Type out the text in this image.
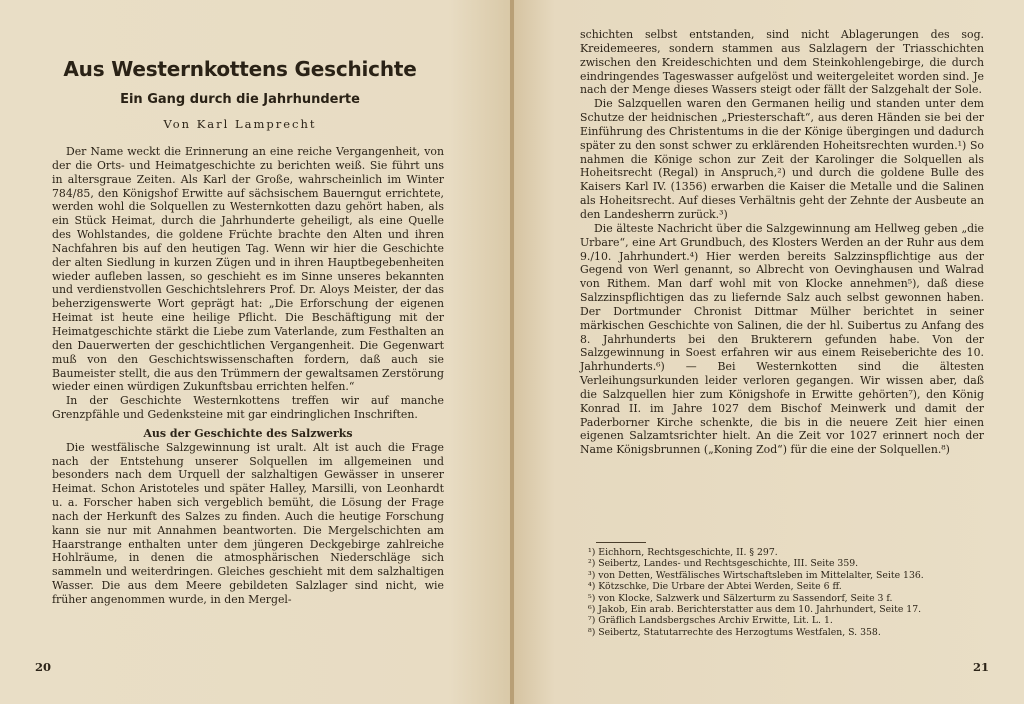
Aus Westernkottens Geschichte
Ein Gang durch die Jahrhunderte
Von Karl Lamprecht

Der Name weckt die Erinnerung an eine reiche Vergangenheit, von der die Orts- und Heimatgeschichte zu berichten weiß. Sie führt uns in altersgraue Zeiten. Als Karl der Große, wahrscheinlich im Winter 784/85, den Königshof Erwitte auf sächsischem Bauerngut errichtete, werden wohl die Solquellen zu Westernkotten dazu gehört haben, als ein Stück Heimat, durch die Jahrhunderte geheiligt, als eine Quelle des Wohlstandes, die goldene Früchte brachte den Alten und ihren Nachfahren bis auf den heutigen Tag. Wenn wir hier die Geschichte der alten Siedlung in kurzen Zügen und in ihren Hauptbegebenheiten wieder aufleben lassen, so geschieht es im Sinne unseres bekannten und verdienstvollen Geschichtslehrers Prof. Dr. Aloys Meister, der das beherzigenswerte Wort geprägt hat: „Die Erforschung der eigenen Heimat ist heute eine heilige Pflicht. Die Beschäftigung mit der Heimatgeschichte stärkt die Liebe zum Vaterlande, zum Festhalten an den Dauerwerten der geschichtlichen Vergangenheit. Die Gegenwart muß von den Geschichtswissenschaften fordern, daß auch sie Baumeister stellt, die aus den Trümmern der gewaltsamen Zerstörung wieder einen würdigen Zukunftsbau errichten helfen.“

In der Geschichte Westernkottens treffen wir auf manche Grenzpfähle und Gedenksteine mit gar eindringlichen Inschriften.

Aus der Geschichte des Salzwerks

Die westfälische Salzgewinnung ist uralt. Alt ist auch die Frage nach der Entstehung unserer Solquellen im allgemeinen und besonders nach dem Urquell der salzhaltigen Gewässer in unserer Heimat. Schon Aristoteles und später Halley, Marsilli, von Leonhardt u. a. Forscher haben sich vergeblich bemüht, die Lösung der Frage nach der Herkunft des Salzes zu finden. Auch die heutige Forschung kann sie nur mit Annahmen beantworten. Die Mergelschichten am Haarstrange enthalten unter dem jüngeren Deckgebirge zahlreiche Hohlräume, in denen die atmosphärischen Niederschläge sich sammeln und weiterdringen. Gleiches geschieht mit dem salzhaltigen Wasser. Die aus dem Meere gebildeten Salzlager sind nicht, wie früher angenommen wurde, in den Mergel-

20

schichten selbst entstanden, sind nicht Ablagerungen des sog. Kreidemeeres, sondern stammen aus Salzlagern der Triasschichten zwischen den Kreideschichten und dem Steinkohlengebirge, die durch eindringendes Tageswasser aufgelöst und weitergeleitet worden sind. Je nach der Menge dieses Wassers steigt oder fällt der Salzgehalt der Sole.

Die Salzquellen waren den Germanen heilig und standen unter dem Schutze der heidnischen „Priesterschaft“, aus deren Händen sie bei der Einführung des Christentums in die der Könige übergingen und dadurch später zu den sonst schwer zu erklärenden Hoheitsrechten wurden.¹) So nahmen die Könige schon zur Zeit der Karolinger die Solquellen als Hoheitsrecht (Regal) in Anspruch,²) und durch die goldene Bulle des Kaisers Karl IV. (1356) erwarben die Kaiser die Metalle und die Salinen als Hoheitsrecht. Auf dieses Verhältnis geht der Zehnte der Ausbeute an den Landesherrn zurück.³)

Die älteste Nachricht über die Salzgewinnung am Hellweg geben „die Urbare“, eine Art Grundbuch, des Klosters Werden an der Ruhr aus dem 9./10. Jahrhundert.⁴) Hier werden bereits Salzzinspflichtige aus der Gegend von Werl genannt, so Albrecht von Oevinghausen und Walrad von Rithem. Man darf wohl mit von Klocke annehmen⁵), daß diese Salzzinspflichtigen das zu liefernde Salz auch selbst gewonnen haben. Der Dortmunder Chronist Dittmar Mülher berichtet in seiner märkischen Geschichte von Salinen, die der hl. Suibertus zu Anfang des 8. Jahrhunderts bei den Brukterern gefunden habe. Von der Salzgewinnung in Soest erfahren wir aus einem Reiseberichte des 10. Jahrhunderts.⁶) — Bei Westernkotten sind die ältesten Verleihungsurkunden leider verloren gegangen. Wir wissen aber, daß die Salzquellen hier zum Königshofe in Erwitte gehörten⁷), den König Konrad II. im Jahre 1027 dem Bischof Meinwerk und damit der Paderborner Kirche schenkte, die bis in die neuere Zeit hier einen eigenen Salzamtsrichter hielt. An die Zeit vor 1027 erinnert noch der Name Königsbrunnen („Koning Zod“) für die eine der Solquellen.⁸)

¹) Eichhorn, Rechtsgeschichte, II. § 297.
²) Seibertz, Landes- und Rechtsgeschichte, III. Seite 359.
³) von Detten, Westfälisches Wirtschaftsleben im Mittelalter, Seite 136.
⁴) Kötzschke, Die Urbare der Abtei Werden, Seite 6 ff.
⁵) von Klocke, Salzwerk und Sälzerturm zu Sassendorf, Seite 3 f.
⁶) Jakob, Ein arab. Berichterstatter aus dem 10. Jahrhundert, Seite 17.
⁷) Gräflich Landsbergsches Archiv Erwitte, Lit. L. 1.
⁸) Seibertz, Statutarrechte des Herzogtums Westfalen, S. 358.
21
